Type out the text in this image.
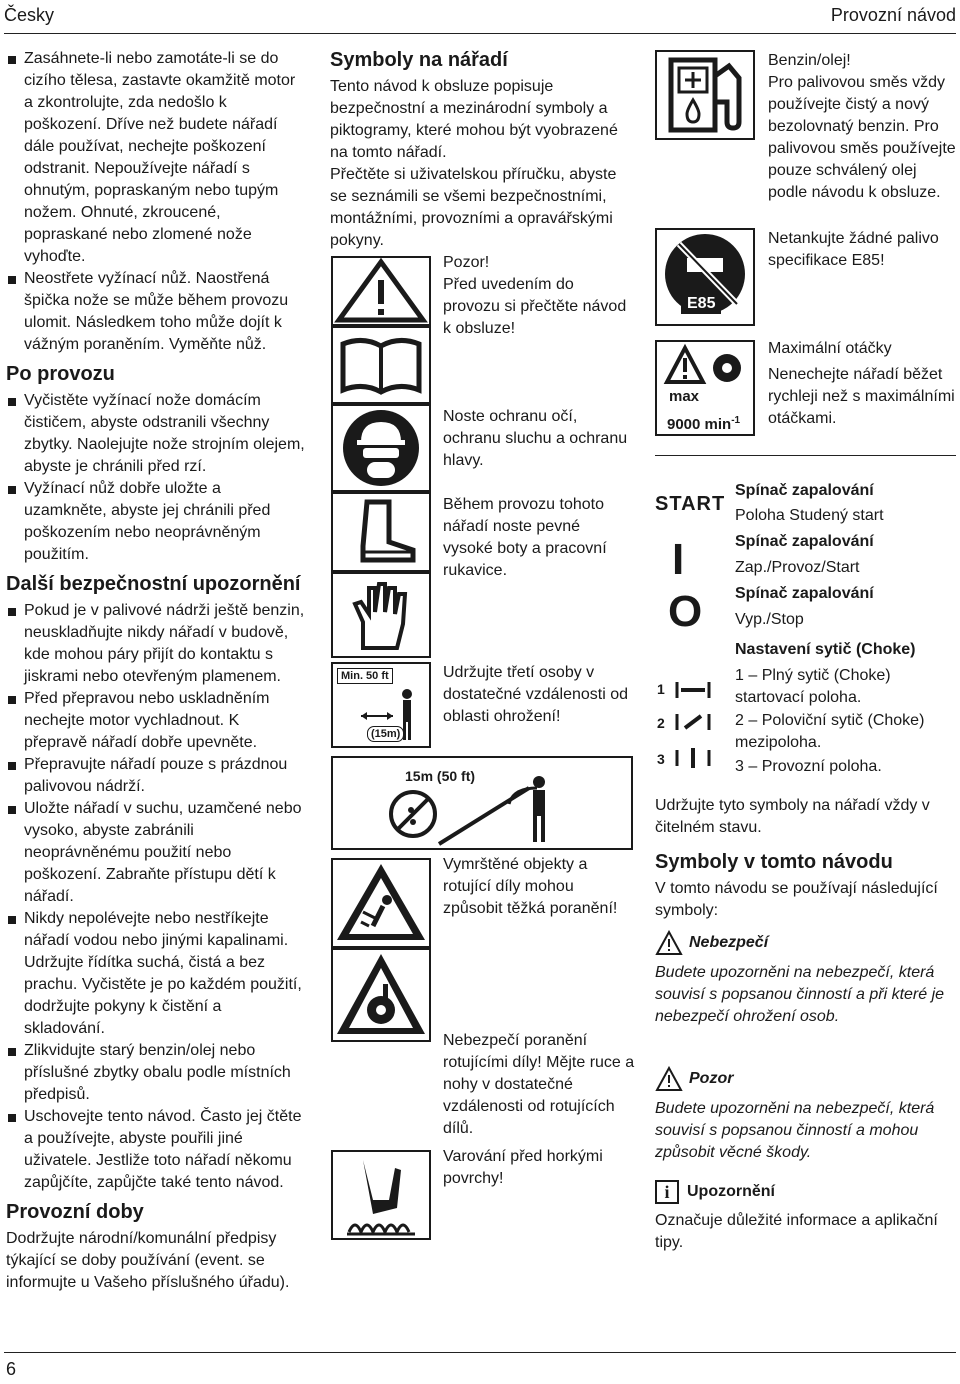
Česky	Provozní návod
Zasáhnete-li nebo zamotáte-li se do cizího tělesa, zastavte okamžitě motor a zkontrolujte, zda nedošlo k poškození. Dříve než budete nářadí dále používat, nechejte poškození odstranit. Nepoužívejte nářadí s ohnutým, popraskaným nebo tupým nožem. Ohnuté, zkroucené, popraskané nebo zlomené nože vyhoďte.
Neostřete vyžínací nůž. Naostřená špička nože se může během provozu ulomit. Následkem toho může dojít k vážným poraněním. Vyměňte nůž.
Po provozu
Vyčistěte vyžínací nože domácím čističem, abyste odstranili všechny zbytky. Naolejujte nože strojním olejem, abyste je chránili před rzí.
Vyžínací nůž dobře uložte a uzamkněte, abyste jej chránili před poškozením nebo neoprávněným použitím.
Další bezpečnostní upozornění
Pokud je v palivové nádrži ještě benzin, neuskladňujte nikdy nářadí v budově, kde mohou páry přijít do kontaktu s jiskrami nebo otevřeným plamenem.
Před přepravou nebo uskladněním nechejte motor vychladnout. K přepravě nářadí dobře upevněte.
Přepravujte nářadí pouze s prázdnou palivovou nádrží.
Uložte nářadí v suchu, uzamčené nebo vysoko, abyste zabránili neoprávněnému použití nebo poškození. Zabraňte přístupu dětí k nářadí.
Nikdy nepolévejte nebo nestříkejte nářadí vodou nebo jinými kapalinami. Udržujte řídítka suchá, čistá a bez prachu. Vyčistěte je po každém použití, dodržujte pokyny k čistění a skladování.
Zlikvidujte starý benzin/olej nebo příslušné zbytky obalu podle místních předpisů.
Uschovejte tento návod. Často jej čtěte a používejte, abyste pouřili jiné uživatele. Jestliže toto nářadí někomu zapůjčíte, zapůjčte také tento návod.
Provozní doby

Dodržujte národní/komunální předpisy týkající se doby používání (event. se informujte u Vašeho příslušného úřadu).

Symboly na nářadí

Tento návod k obsluze popisuje bezpečnostní a mezinárodní symboly a piktogramy, které mohou být vyobrazené na tomto nářadí.

Přečtěte si uživatelskou příručku, abyste se seznámili se všemi bezpečnostními, montážními, provozními a opravářskými pokyny.

Pozor!
Před uvedením do provozu si přečtěte návod k obsluze!
Noste ochranu očí, ochranu sluchu a ochranu hlavy.
Během provozu tohoto nářadí noste pevné vysoké boty a pracovní rukavice.
Min. 50 ft
(15m)
Udržujte třetí osoby v dostatečné vzdálenosti od oblasti ohrožení!
15m (50 ft)
Vymrštěné objekty a rotující díly mohou způsobit těžká poranění!
Nebezpečí poranění rotujícími díly! Mějte ruce a nohy v dostatečné vzdálenosti od rotujících dílů.
Varování před horkými povrchy!
Benzin/olej!
Pro palivovou směs vždy používejte čistý a nový bezolovnatý benzin. Pro palivovou směs používejte pouze schválený olej podle návodu k obsluze.
E85
Netankujte žádné palivo specifikace E85!
max
9000 $\min^{-1}$
Maximální otáčky
Nenechejte nářadí běžet rychleji než s maximálními otáčkami.
START
I
O
Spínač zapalování
Poloha Studený start
Spínač zapalování
Zap./Provoz/Start
Spínač zapalování
Vyp./Stop
1
2
3
Nastavení sytič (Choke)
1 – Plný sytič (Choke) startovací poloha.
2 – Poloviční sytič (Choke) mezipoloha.
3 – Provozní poloha.
Udržujte tyto symboly na nářadí vždy v čitelném stavu.
Symboly v tomto návodu

V tomto návodu se používají následující symboly:

Nebezpečí

Budete upozorněni na nebezpečí, která souvisí s popsanou činností a při které je nebezpečí ohrožení osob.

Pozor

Budete upozorněni na nebezpečí, která souvisí s popsanou činností a mohou způsobit věcné škody.

i	Upozornění

Označuje důležité informace a aplikační tipy.

6
